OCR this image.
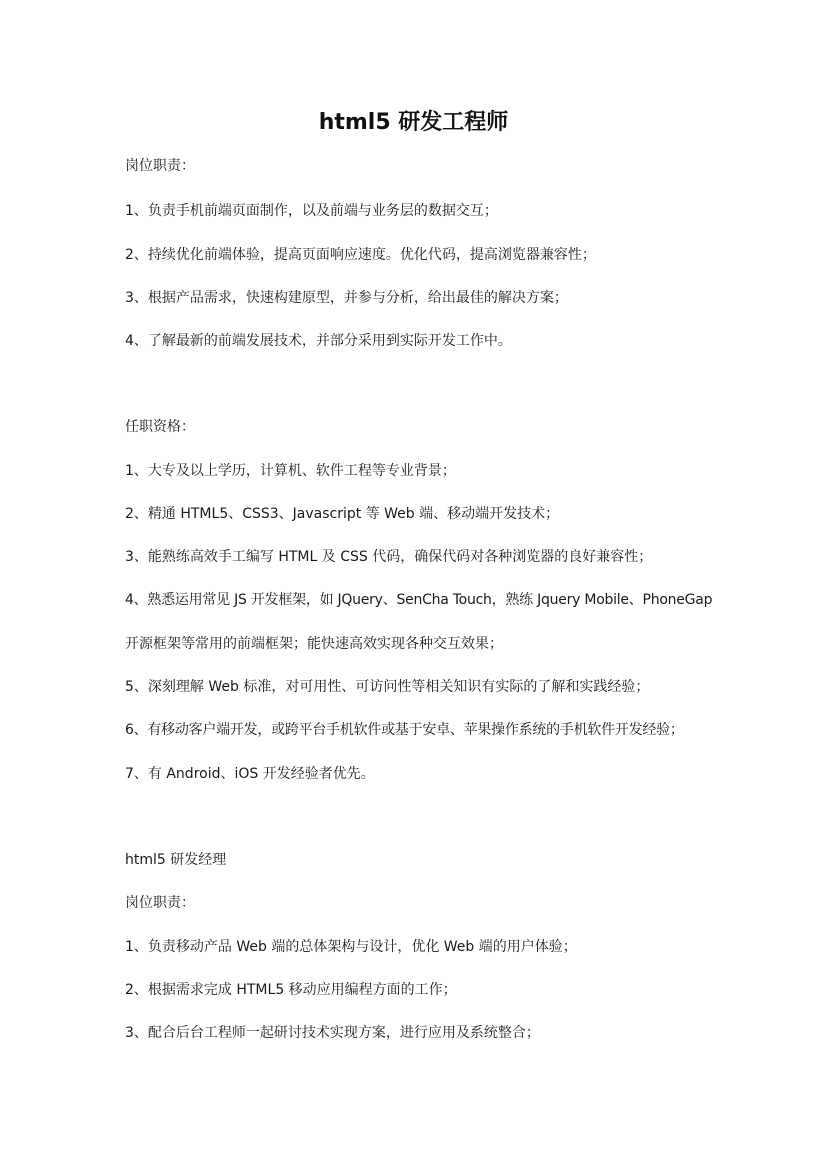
html5 研发工程师
岗位职责：
1、负责手机前端页面制作，以及前端与业务层的数据交互；
2、持续优化前端体验，提高页面响应速度。优化代码，提高浏览器兼容性；
3、根据产品需求，快速构建原型，并参与分析，给出最佳的解决方案；
4、了解最新的前端发展技术，并部分采用到实际开发工作中。
任职资格：
1、大专及以上学历，计算机、软件工程等专业背景；
2、精通 HTML5、CSS3、Javascript 等 Web 端、移动端开发技术；
3、能熟练高效手工编写 HTML 及 CSS 代码，确保代码对各种浏览器的良好兼容性；
4、熟悉运用常见 JS 开发框架，如 JQuery、SenCha Touch，熟练 Jquery Mobile、PhoneGap
开源框架等常用的前端框架；能快速高效实现各种交互效果；
5、深刻理解 Web 标准，对可用性、可访问性等相关知识有实际的了解和实践经验；
6、有移动客户端开发，或跨平台手机软件或基于安卓、苹果操作系统的手机软件开发经验；
7、有 Android、iOS 开发经验者优先。
html5 研发经理
岗位职责：
1、负责移动产品 Web 端的总体架构与设计，优化 Web 端的用户体验；
2、根据需求完成 HTML5 移动应用编程方面的工作；
3、配合后台工程师一起研讨技术实现方案，进行应用及系统整合；
